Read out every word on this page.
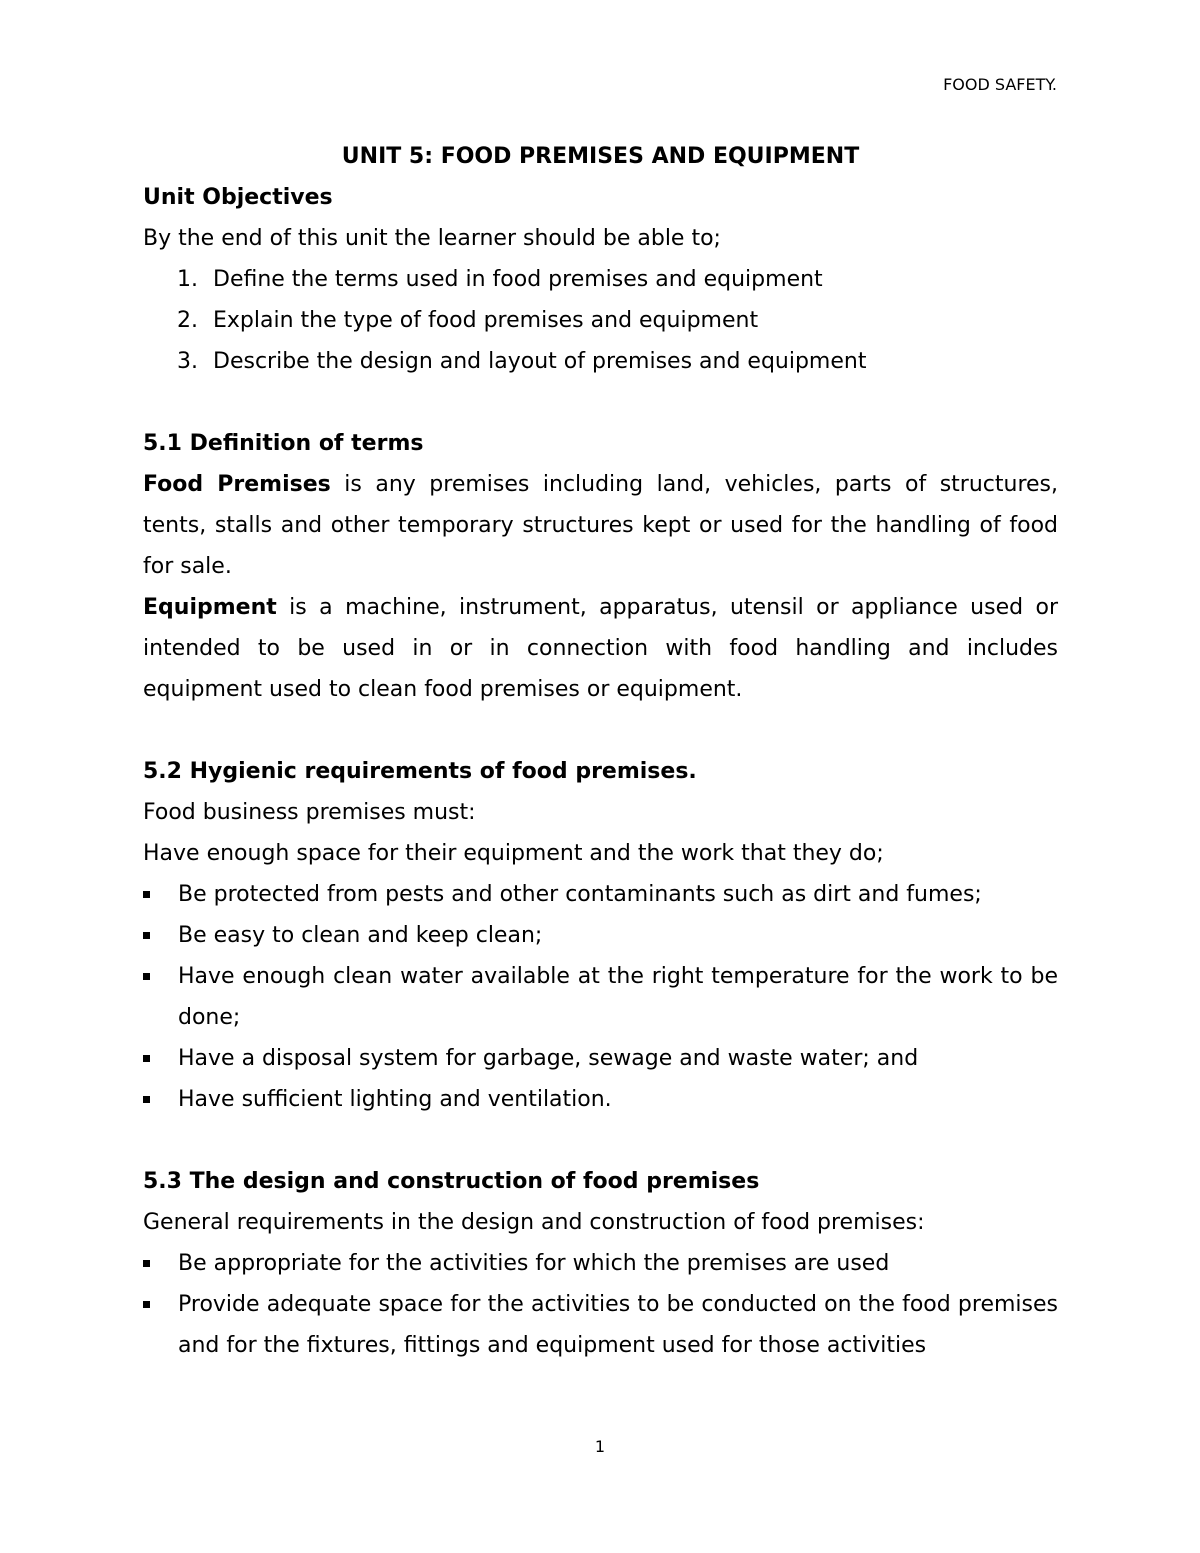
FOOD SAFETY.

UNIT 5: FOOD PREMISES AND EQUIPMENT

Unit Objectives

By the end of this unit the learner should be able to;

1. Define the terms used in food premises and equipment
2. Explain the type of food premises and equipment
3. Describe the design and layout of premises and equipment

5.1 Definition of terms

Food Premises is any premises including land, vehicles, parts of structures, tents, stalls and other temporary structures kept or used for the handling of food for sale.

Equipment is a machine, instrument, apparatus, utensil or appliance used or intended to be used in or in connection with food handling and includes equipment used to clean food premises or equipment.

5.2 Hygienic requirements of food premises.

Food business premises must:

Have enough space for their equipment and the work that they do;

Be protected from pests and other contaminants such as dirt and fumes;
Be easy to clean and keep clean;
Have enough clean water available at the right temperature for the work to be done;
Have a disposal system for garbage, sewage and waste water; and
Have sufficient lighting and ventilation.

5.3 The design and construction of food premises

General requirements in the design and construction of food premises:

Be appropriate for the activities for which the premises are used
Provide adequate space for the activities to be conducted on the food premises and for the fixtures, fittings and equipment used for those activities
1
